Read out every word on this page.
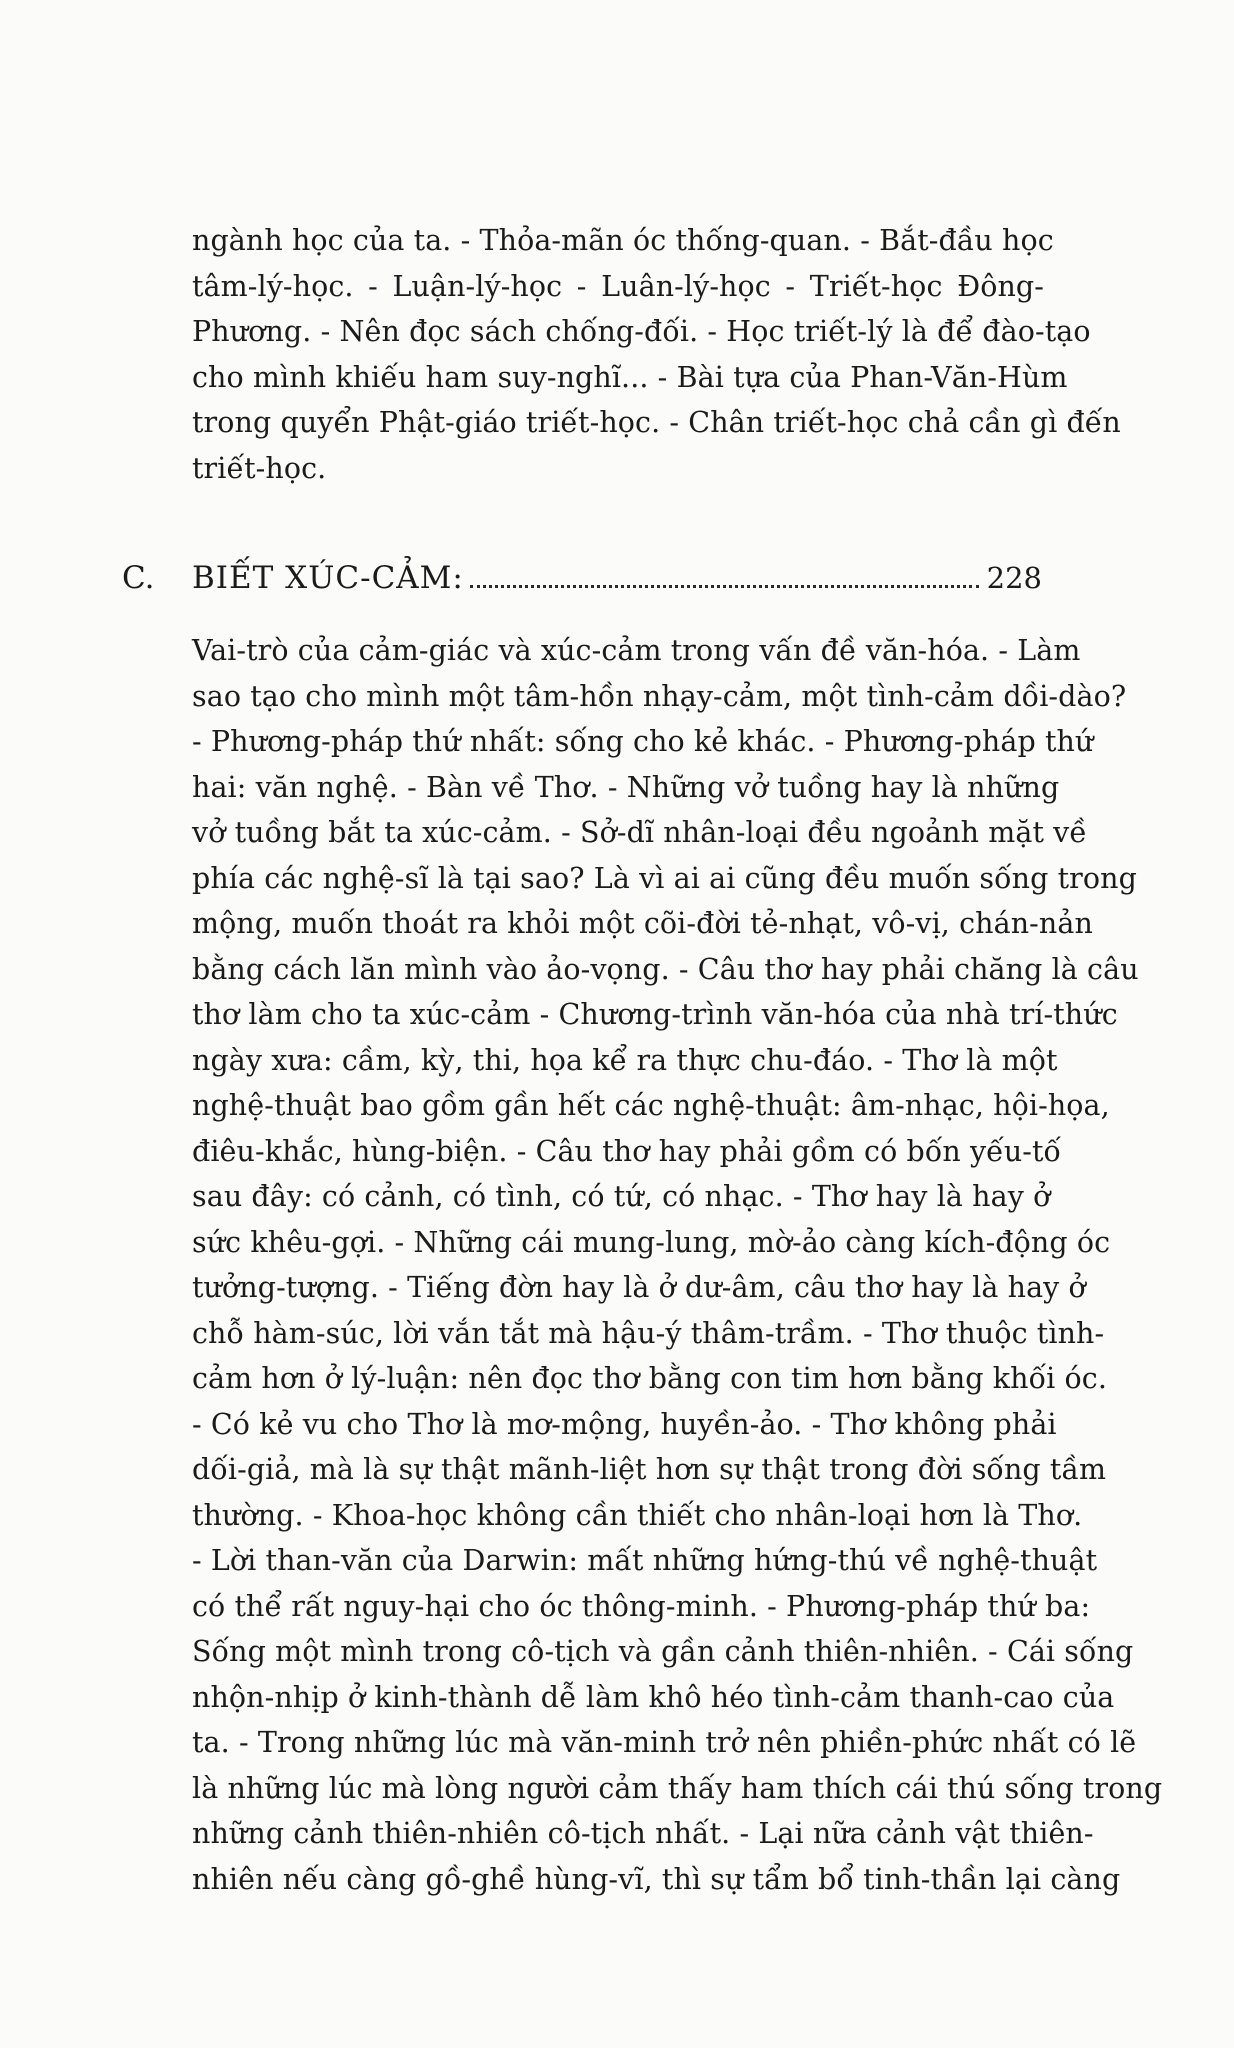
ngành học của ta. - Thỏa-mãn óc thống-quan. - Bắt-đầu học
tâm-lý-học. - Luận-lý-học - Luân-lý-học - Triết-học Đông-
Phương. - Nên đọc sách chống-đối. - Học triết-lý là để đào-tạo
cho mình khiếu ham suy-nghĩ... - Bài tựa của Phan-Văn-Hùm
trong quyển Phật-giáo triết-học. - Chân triết-học chả cần gì đến
triết-học.
C.	BIẾT XÚC-CẢM:	228
Vai-trò của cảm-giác và xúc-cảm trong vấn đề văn-hóa. - Làm
sao tạo cho mình một tâm-hồn nhạy-cảm, một tình-cảm dồi-dào?
- Phương-pháp thứ nhất: sống cho kẻ khác. - Phương-pháp thứ
hai: văn nghệ. - Bàn về Thơ. - Những vở tuồng hay là những
vở tuồng bắt ta xúc-cảm. - Sở-dĩ nhân-loại đều ngoảnh mặt về
phía các nghệ-sĩ là tại sao? Là vì ai ai cũng đều muốn sống trong
mộng, muốn thoát ra khỏi một cõi-đời tẻ-nhạt, vô-vị, chán-nản
bằng cách lăn mình vào ảo-vọng. - Câu thơ hay phải chăng là câu
thơ làm cho ta xúc-cảm - Chương-trình văn-hóa của nhà trí-thức
ngày xưa: cầm, kỳ, thi, họa kể ra thực chu-đáo. - Thơ là một
nghệ-thuật bao gồm gần hết các nghệ-thuật: âm-nhạc, hội-họa,
điêu-khắc, hùng-biện. - Câu thơ hay phải gồm có bốn yếu-tố
sau đây: có cảnh, có tình, có tứ, có nhạc. - Thơ hay là hay ở
sức khêu-gợi. - Những cái mung-lung, mờ-ảo càng kích-động óc
tưởng-tượng. - Tiếng đờn hay là ở dư-âm, câu thơ hay là hay ở
chỗ hàm-súc, lời vắn tắt mà hậu-ý thâm-trầm. - Thơ thuộc tình-
cảm hơn ở lý-luận: nên đọc thơ bằng con tim hơn bằng khối óc.
- Có kẻ vu cho Thơ là mơ-mộng, huyền-ảo. - Thơ không phải
dối-giả, mà là sự thật mãnh-liệt hơn sự thật trong đời sống tầm
thường. - Khoa-học không cần thiết cho nhân-loại hơn là Thơ.
- Lời than-văn của Darwin: mất những hứng-thú về nghệ-thuật
có thể rất nguy-hại cho óc thông-minh. - Phương-pháp thứ ba:
Sống một mình trong cô-tịch và gần cảnh thiên-nhiên. - Cái sống
nhộn-nhịp ở kinh-thành dễ làm khô héo tình-cảm thanh-cao của
ta. - Trong những lúc mà văn-minh trở nên phiền-phức nhất có lẽ
là những lúc mà lòng người cảm thấy ham thích cái thú sống trong
những cảnh thiên-nhiên cô-tịch nhất. - Lại nữa cảnh vật thiên-
nhiên nếu càng gồ-ghề hùng-vĩ, thì sự tẩm bổ tinh-thần lại càng
